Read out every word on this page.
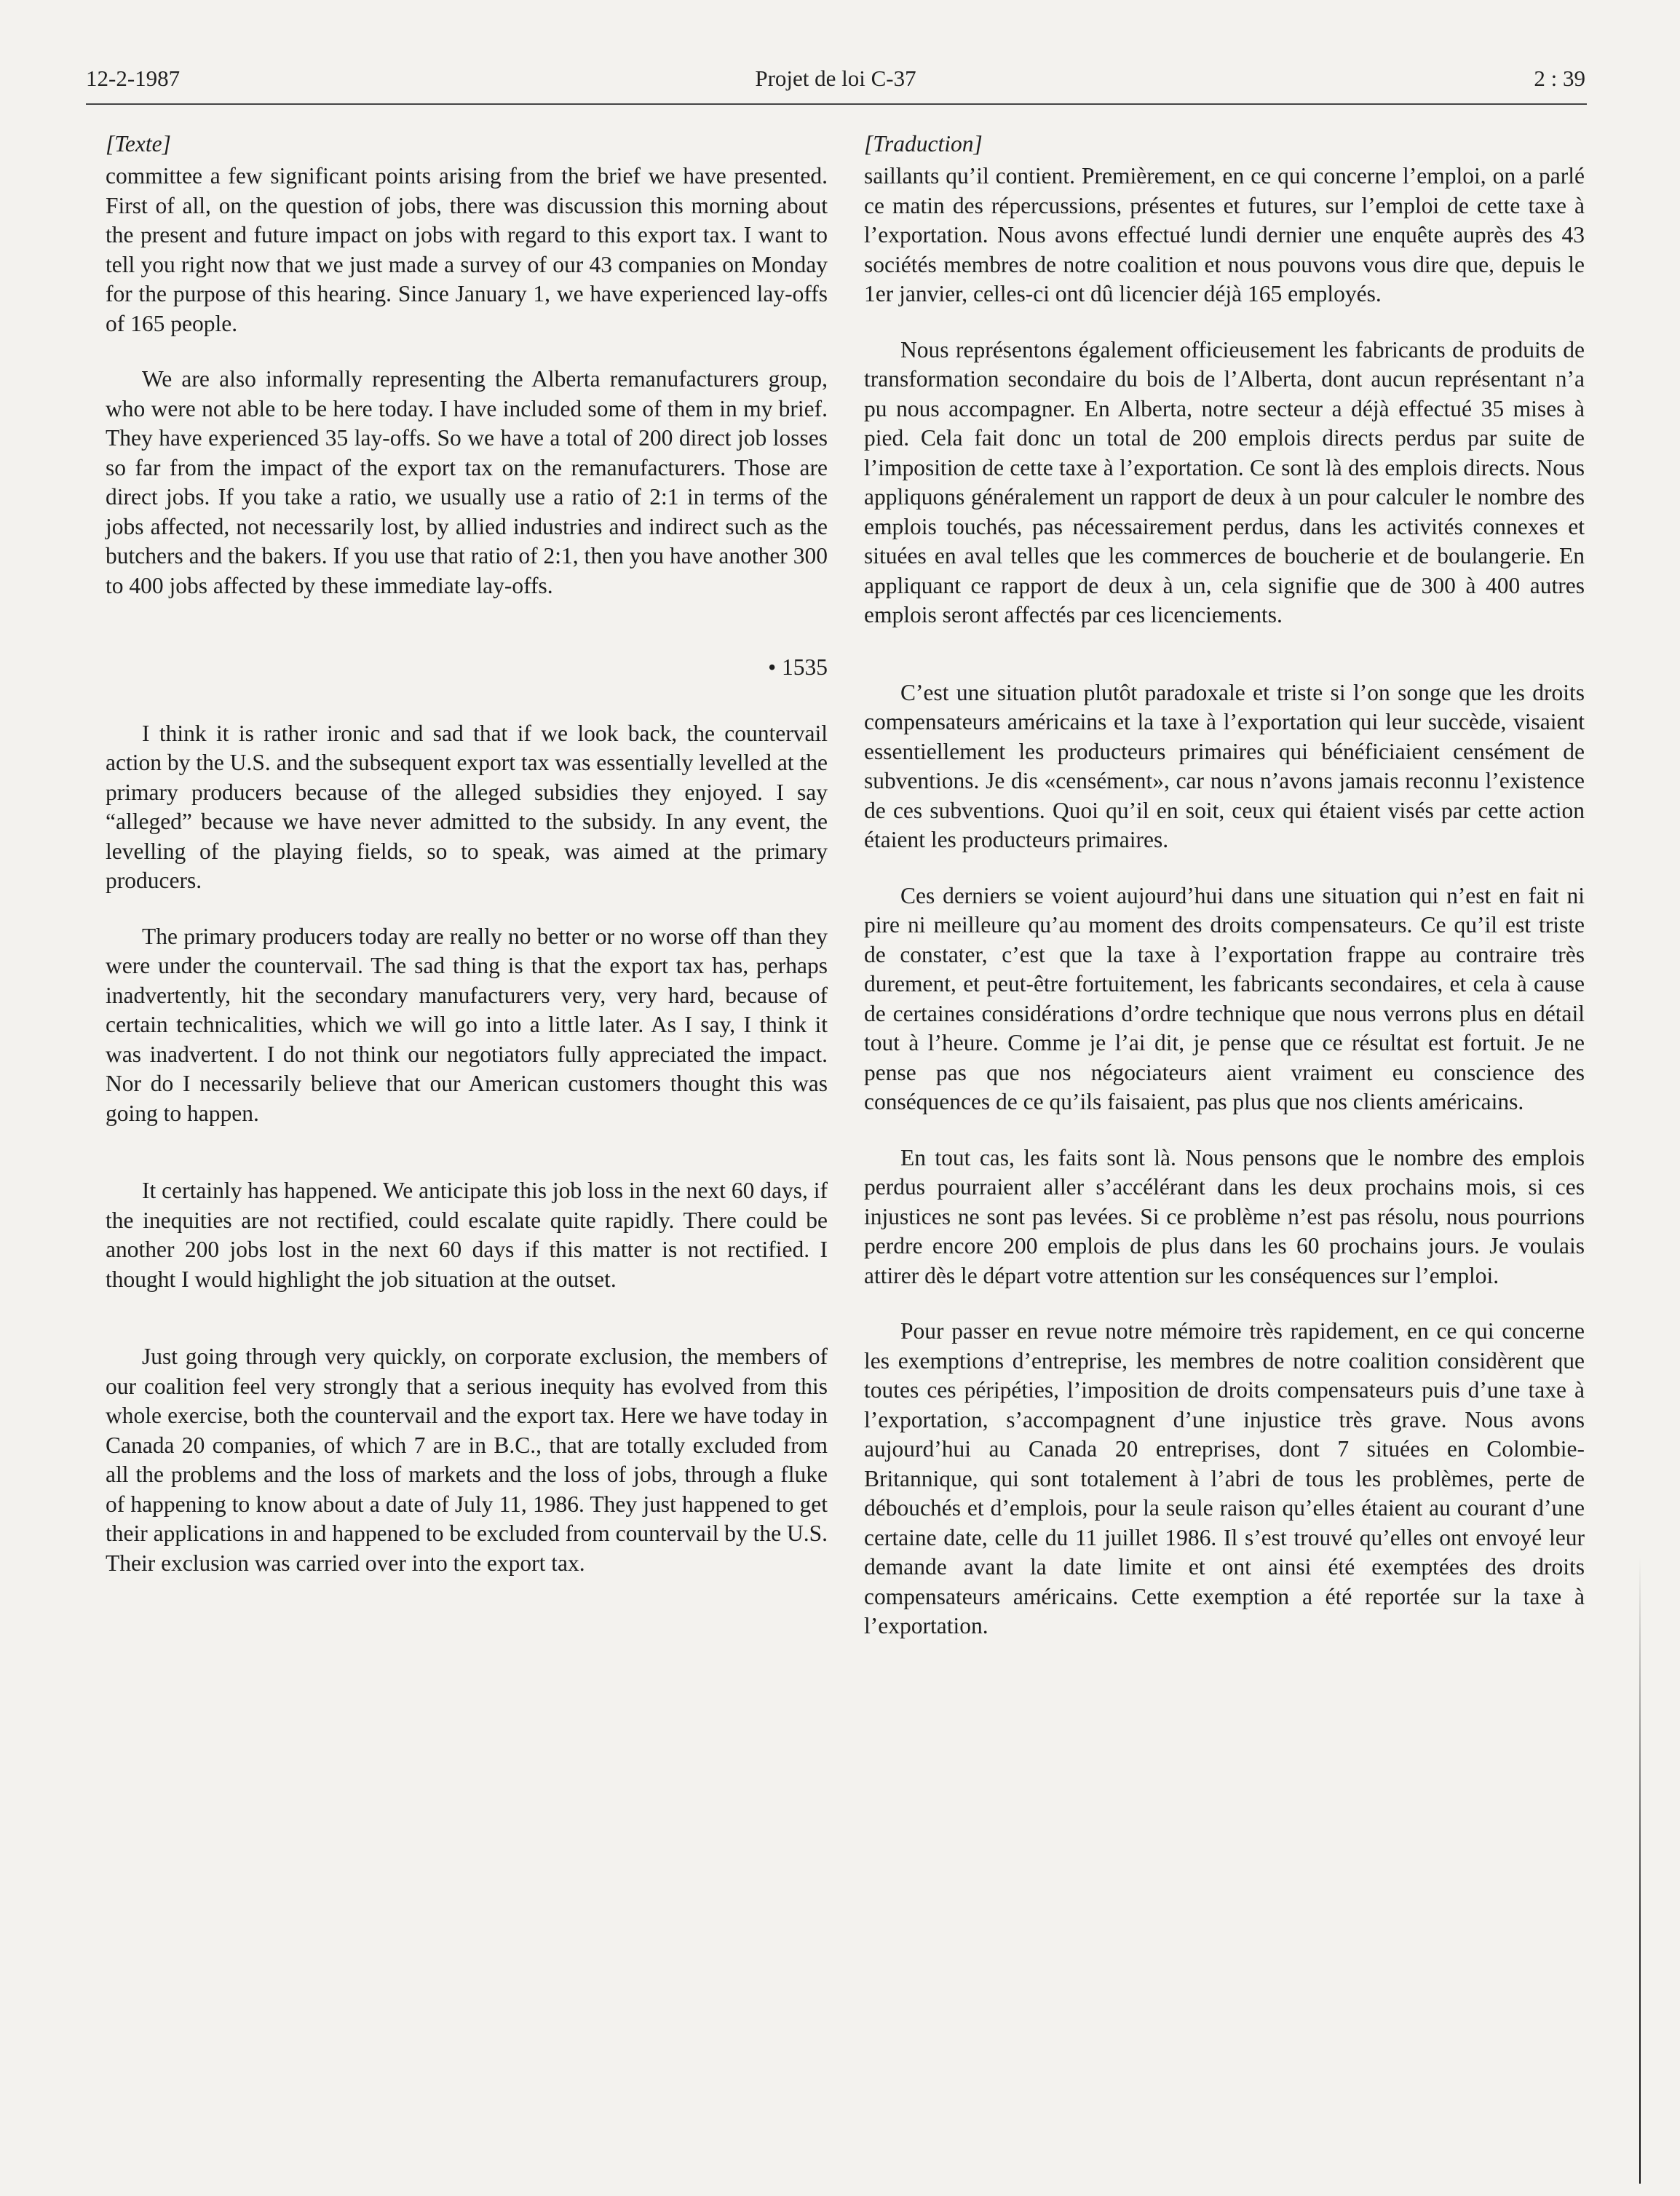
12-2-1987	Projet de loi C-37	2 : 39
[Texte]

committee a few significant points arising from the brief we have presented. First of all, on the question of jobs, there was discussion this morning about the present and future impact on jobs with regard to this export tax. I want to tell you right now that we just made a survey of our 43 companies on Monday for the purpose of this hearing. Since January 1, we have experienced lay-offs of 165 people.

We are also informally representing the Alberta remanufacturers group, who were not able to be here today. I have included some of them in my brief. They have experienced 35 lay-offs. So we have a total of 200 direct job losses so far from the impact of the export tax on the remanufacturers. Those are direct jobs. If you take a ratio, we usually use a ratio of 2:1 in terms of the jobs affected, not necessarily lost, by allied industries and indirect such as the butchers and the bakers. If you use that ratio of 2:1, then you have another 300 to 400 jobs affected by these immediate lay-offs.

• 1535

I think it is rather ironic and sad that if we look back, the countervail action by the U.S. and the subsequent export tax was essentially levelled at the primary producers because of the alleged subsidies they enjoyed. I say “alleged” because we have never admitted to the subsidy. In any event, the levelling of the playing fields, so to speak, was aimed at the primary producers.

The primary producers today are really no better or no worse off than they were under the countervail. The sad thing is that the export tax has, perhaps inadvertently, hit the secondary manufacturers very, very hard, because of certain technicalities, which we will go into a little later. As I say, I think it was inadvertent. I do not think our negotiators fully appreciated the impact. Nor do I necessarily believe that our American customers thought this was going to happen.

It certainly has happened. We anticipate this job loss in the next 60 days, if the inequities are not rectified, could escalate quite rapidly. There could be another 200 jobs lost in the next 60 days if this matter is not rectified. I thought I would highlight the job situation at the outset.

Just going through very quickly, on corporate exclusion, the members of our coalition feel very strongly that a serious inequity has evolved from this whole exercise, both the countervail and the export tax. Here we have today in Canada 20 companies, of which 7 are in B.C., that are totally excluded from all the problems and the loss of markets and the loss of jobs, through a fluke of happening to know about a date of July 11, 1986. They just happened to get their applications in and happened to be excluded from countervail by the U.S. Their exclusion was carried over into the export tax.

[Traduction]

saillants qu’il contient. Premièrement, en ce qui concerne l’emploi, on a parlé ce matin des répercussions, présentes et futures, sur l’emploi de cette taxe à l’exportation. Nous avons effectué lundi dernier une enquête auprès des 43 sociétés membres de notre coalition et nous pouvons vous dire que, depuis le 1er janvier, celles-ci ont dû licencier déjà 165 employés.

Nous représentons également officieusement les fabricants de produits de transformation secondaire du bois de l’Alberta, dont aucun représentant n’a pu nous accompagner. En Alberta, notre secteur a déjà effectué 35 mises à pied. Cela fait donc un total de 200 emplois directs perdus par suite de l’imposition de cette taxe à l’exportation. Ce sont là des emplois directs. Nous appliquons généralement un rapport de deux à un pour calculer le nombre des emplois touchés, pas nécessairement perdus, dans les activités connexes et situées en aval telles que les commerces de boucherie et de boulangerie. En appliquant ce rapport de deux à un, cela signifie que de 300 à 400 autres emplois seront affectés par ces licenciements.

C’est une situation plutôt paradoxale et triste si l’on songe que les droits compensateurs américains et la taxe à l’exportation qui leur succède, visaient essentiellement les producteurs primaires qui bénéficiaient censément de subventions. Je dis «censément», car nous n’avons jamais reconnu l’existence de ces subventions. Quoi qu’il en soit, ceux qui étaient visés par cette action étaient les producteurs primaires.

Ces derniers se voient aujourd’hui dans une situation qui n’est en fait ni pire ni meilleure qu’au moment des droits compensateurs. Ce qu’il est triste de constater, c’est que la taxe à l’exportation frappe au contraire très durement, et peut-être fortuitement, les fabricants secondaires, et cela à cause de certaines considérations d’ordre technique que nous verrons plus en détail tout à l’heure. Comme je l’ai dit, je pense que ce résultat est fortuit. Je ne pense pas que nos négociateurs aient vraiment eu conscience des conséquences de ce qu’ils faisaient, pas plus que nos clients américains.

En tout cas, les faits sont là. Nous pensons que le nombre des emplois perdus pourraient aller s’accélérant dans les deux prochains mois, si ces injustices ne sont pas levées. Si ce problème n’est pas résolu, nous pourrions perdre encore 200 emplois de plus dans les 60 prochains jours. Je voulais attirer dès le départ votre attention sur les conséquences sur l’emploi.

Pour passer en revue notre mémoire très rapidement, en ce qui concerne les exemptions d’entreprise, les membres de notre coalition considèrent que toutes ces péripéties, l’imposition de droits compensateurs puis d’une taxe à l’exportation, s’accompagnent d’une injustice très grave. Nous avons aujourd’hui au Canada 20 entreprises, dont 7 situées en Colombie-Britannique, qui sont totalement à l’abri de tous les problèmes, perte de débouchés et d’emplois, pour la seule raison qu’elles étaient au courant d’une certaine date, celle du 11 juillet 1986. Il s’est trouvé qu’elles ont envoyé leur demande avant la date limite et ont ainsi été exemptées des droits compensateurs américains. Cette exemption a été reportée sur la taxe à l’exportation.
